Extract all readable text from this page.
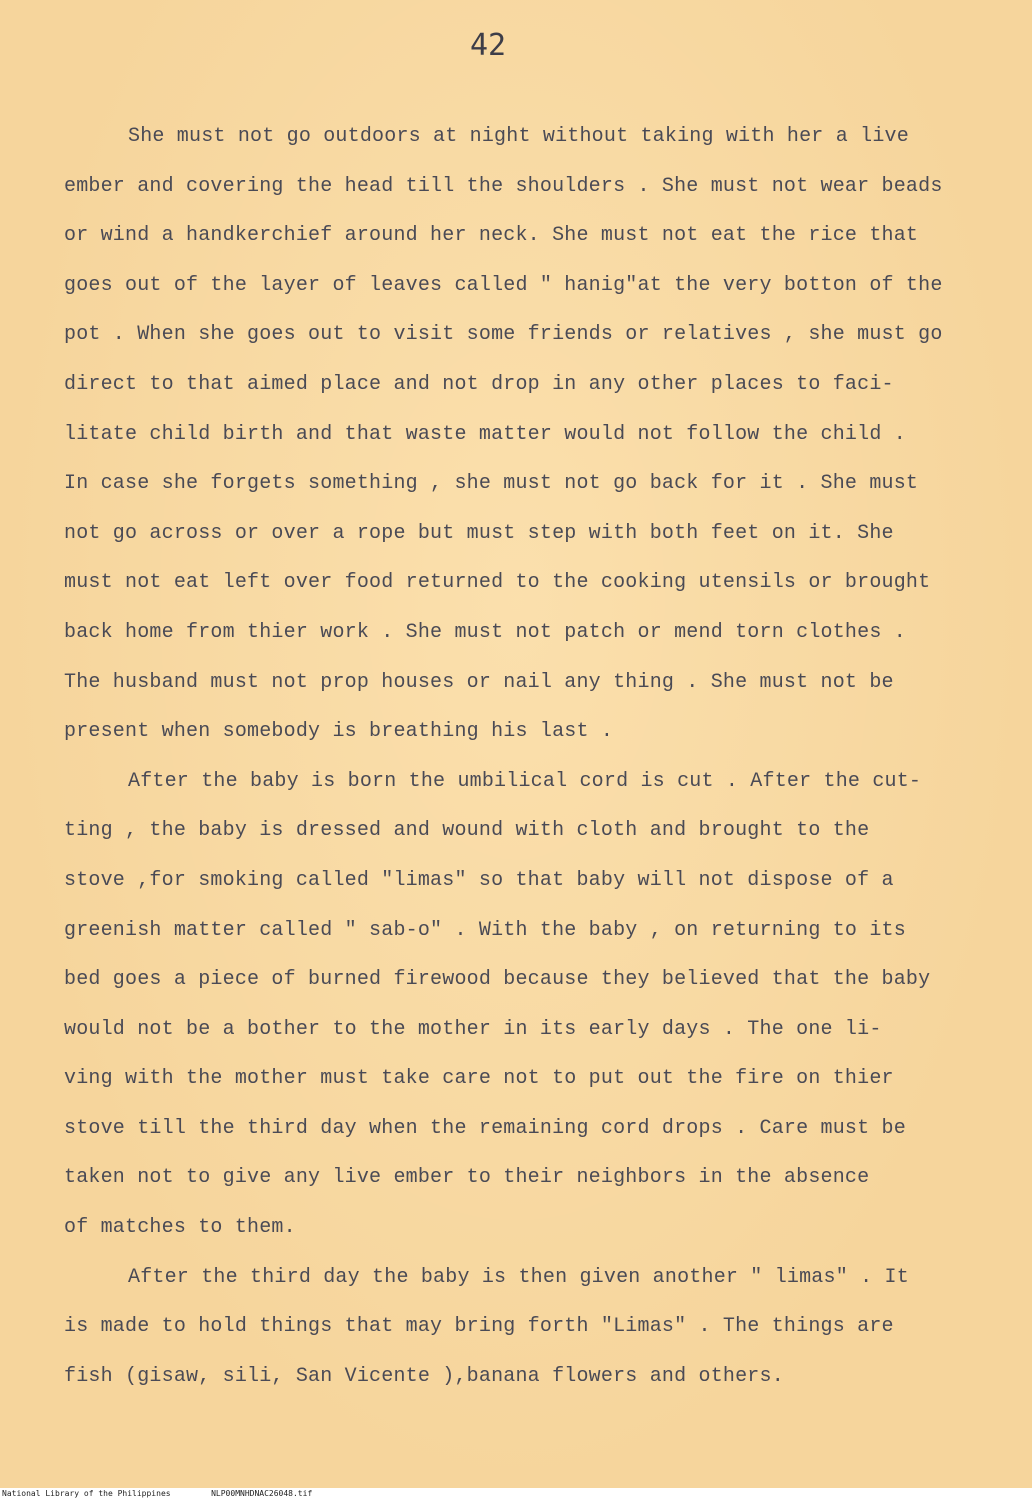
42

She must not go outdoors at night without taking with her a live
ember and covering the head till the shoulders . She must not wear beads
or wind a handkerchief around her neck. She must not eat the rice that
goes out of the layer of leaves called " hanig"at the very botton of the
pot . When she goes out to visit some friends or relatives , she must go
direct to that aimed place and not drop in any other places to faci-
litate child birth and that waste matter would not follow the child .
In case she forgets something , she must not go back for it . She must
not go across or over a rope but must step with both feet on it. She
must not eat left over food returned to the cooking utensils or brought
back home from thier work . She must not patch or mend torn clothes .
The husband must not prop houses or nail any thing . She must not be
present when somebody is breathing his last .

After the baby is born the umbilical cord is cut . After the cut-
ting , the baby is dressed and wound with cloth and brought to the
stove ,for smoking called "limas" so that baby will not dispose of a
greenish matter called " sab-o" . With the baby , on returning to its
bed goes a piece of burned firewood because they believed that the baby
would not be a bother to the mother in its early days . The one li-
ving with the mother must take care not to put out the fire on thier
stove till the third day when the remaining cord drops . Care must be
taken not to give any live ember to their neighbors in the absence
of matches to them.

After the third day the baby is then given another " limas" . It
is made to hold things that may bring forth "Limas" . The things are
fish (gisaw, sili, San Vicente ),banana flowers and others.

National Library of the Philippines	NLP00MNHDNAC26048.tif
